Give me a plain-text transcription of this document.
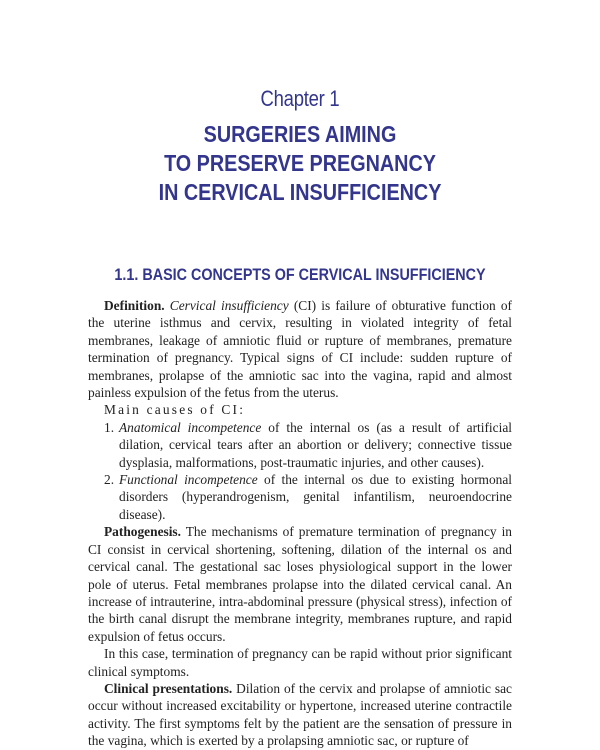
Chapter 1
SURGERIES AIMING
TO PRESERVE PREGNANCY
IN CERVICAL INSUFFICIENCY
1.1. BASIC CONCEPTS OF CERVICAL INSUFFICIENCY

Definition. Cervical insufficiency (CI) is failure of obturative function of the uterine isthmus and cervix, resulting in violated integrity of fetal membranes, leakage of amniotic fluid or rupture of membranes, premature termination of pregnancy. Typical signs of CI include: sudden rupture of membranes, prolapse of the amniotic sac into the vagina, rapid and almost painless expulsion of the fetus from the uterus.

Main causes of CI:

1. Anatomical incompetence of the internal os (as a result of artificial dilation, cervical tears after an abortion or delivery; connective tissue dysplasia, malformations, post-traumatic injuries, and other causes).
2. Functional incompetence of the internal os due to existing hormonal disorders (hyperandrogenism, genital infantilism, neuroendocrine disease).

Pathogenesis. The mechanisms of premature termination of pregnancy in CI consist in cervical shortening, softening, dilation of the internal os and cervical canal. The gestational sac loses physiological support in the lower pole of uterus. Fetal membranes prolapse into the dilated cervical canal. An increase of intrauterine, intra-abdominal pressure (physical stress), infection of the birth canal disrupt the membrane integrity, membranes rupture, and rapid expulsion of fetus occurs.

In this case, termination of pregnancy can be rapid without prior significant clinical symptoms.

Clinical presentations. Dilation of the cervix and prolapse of amniotic sac occur without increased excitability or hypertone, increased uterine contractile activity. The first symptoms felt by the patient are the sensation of pressure in the vagina, which is exerted by a prolapsing amniotic sac, or rupture of
